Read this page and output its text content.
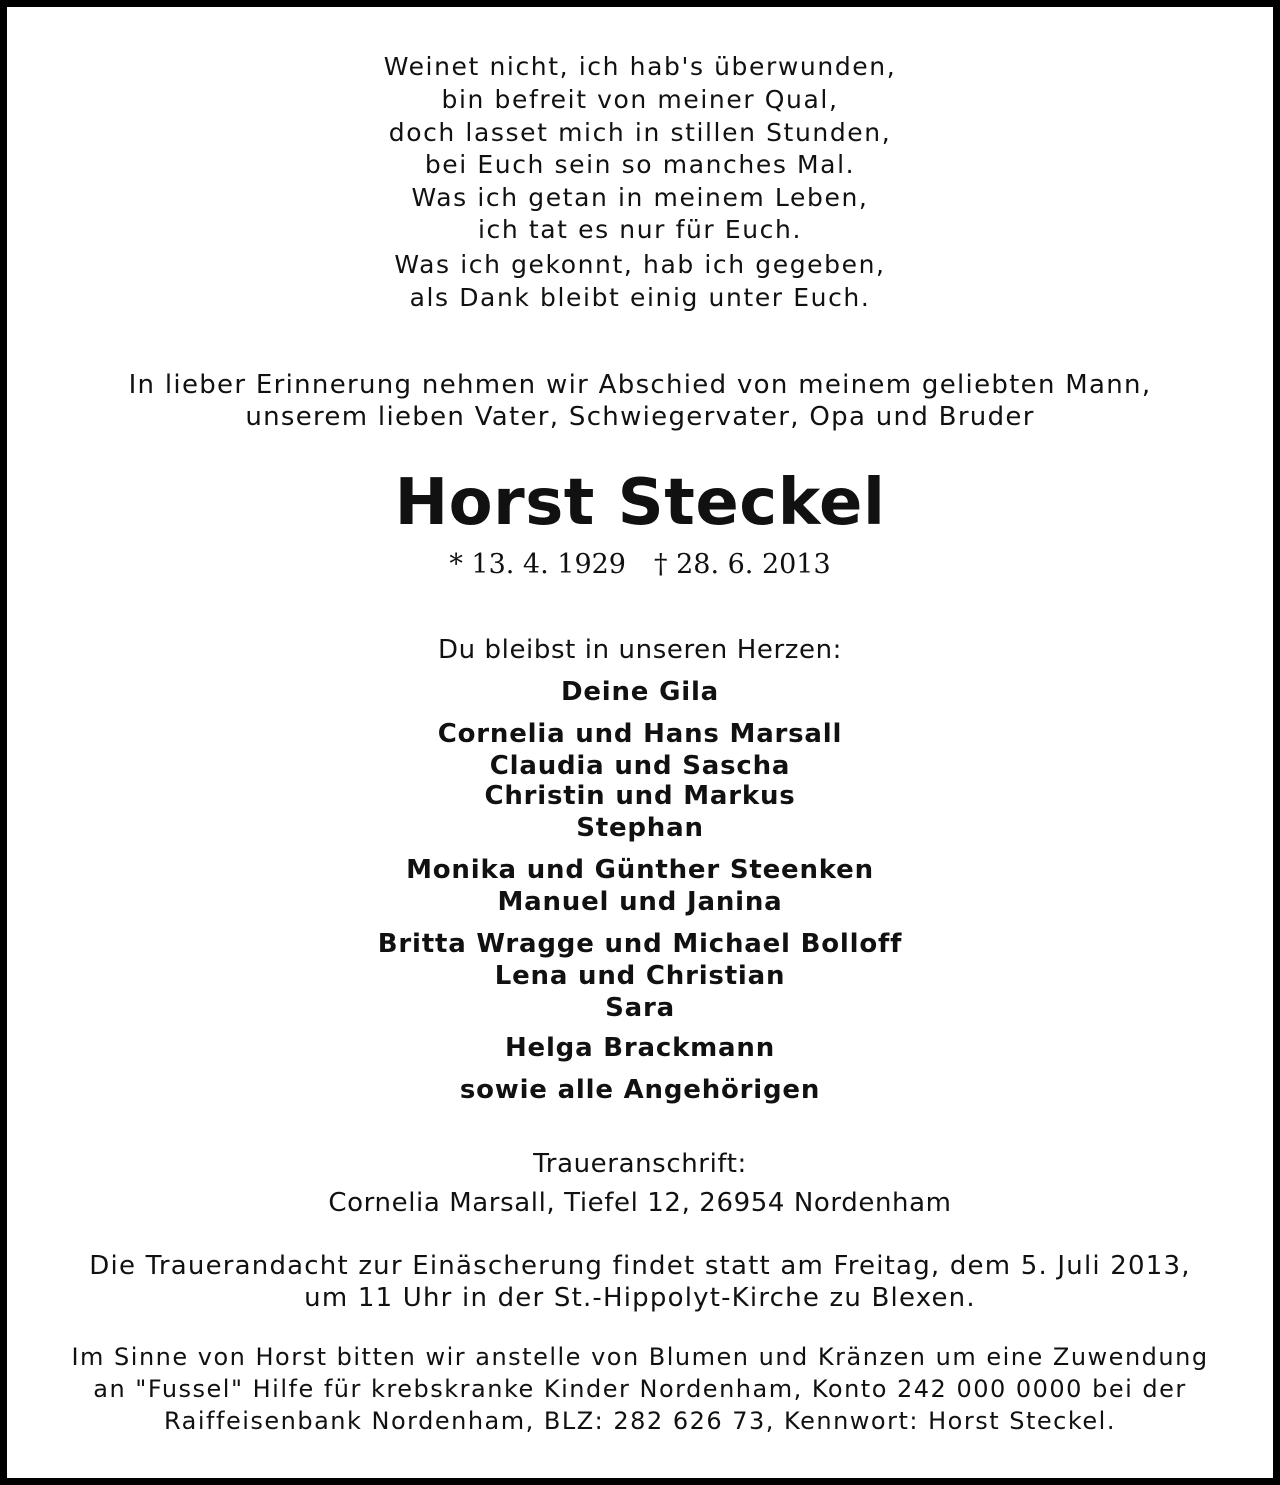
Weinet nicht, ich hab's überwunden,
bin befreit von meiner Qual,
doch lasset mich in stillen Stunden,
bei Euch sein so manches Mal.
Was ich getan in meinem Leben,
ich tat es nur für Euch.
Was ich gekonnt, hab ich gegeben,
als Dank bleibt einig unter Euch.
In lieber Erinnerung nehmen wir Abschied von meinem geliebten Mann,
unserem lieben Vater, Schwiegervater, Opa und Bruder
Horst Steckel
* 13. 4. 1929 † 28. 6. 2013
Du bleibst in unseren Herzen:
Deine Gila
Cornelia und Hans Marsall
Claudia und Sascha
Christin und Markus
Stephan
Monika und Günther Steenken
Manuel und Janina
Britta Wragge und Michael Bolloff
Lena und Christian
Sara
Helga Brackmann
sowie alle Angehörigen
Traueranschrift:
Cornelia Marsall, Tiefel 12, 26954 Nordenham
Die Trauerandacht zur Einäscherung findet statt am Freitag, dem 5. Juli 2013,
um 11 Uhr in der St.-Hippolyt-Kirche zu Blexen.
Im Sinne von Horst bitten wir anstelle von Blumen und Kränzen um eine Zuwendung
an "Fussel" Hilfe für krebskranke Kinder Nordenham, Konto 242 000 0000 bei der
Raiffeisenbank Nordenham, BLZ: 282 626 73, Kennwort: Horst Steckel.
